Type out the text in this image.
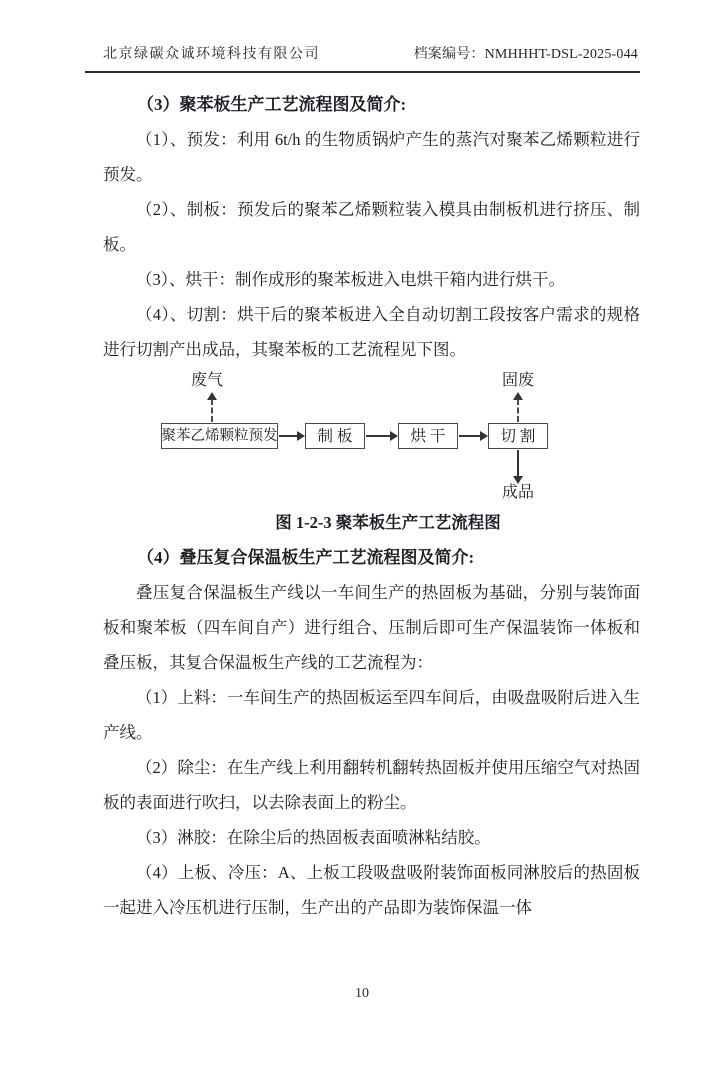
北京绿碳众诚环境科技有限公司	档案编号：NMHHHT-DSL-2025-044

（3）聚苯板生产工艺流程图及简介:

（1）、预发：利用 6t/h 的生物质锅炉产生的蒸汽对聚苯乙烯颗粒进行预发。

（2）、制板：预发后的聚苯乙烯颗粒装入模具由制板机进行挤压、制板。

（3）、烘干：制作成形的聚苯板进入电烘干箱内进行烘干。

（4）、切割：烘干后的聚苯板进入全自动切割工段按客户需求的规格进行切割产出成品，其聚苯板的工艺流程见下图。

废气	固废
聚苯乙烯颗粒预发	制 板	烘 干	切 割
成品

图 1-2-3 聚苯板生产工艺流程图

（4）叠压复合保温板生产工艺流程图及简介:

叠压复合保温板生产线以一车间生产的热固板为基础，分别与装饰面板和聚苯板（四车间自产）进行组合、压制后即可生产保温装饰一体板和叠压板，其复合保温板生产线的工艺流程为：

（1）上料：一车间生产的热固板运至四车间后，由吸盘吸附后进入生产线。

（2）除尘：在生产线上利用翻转机翻转热固板并使用压缩空气对热固板的表面进行吹扫，以去除表面上的粉尘。

（3）淋胶：在除尘后的热固板表面喷淋粘结胶。

（4）上板、冷压：A、上板工段吸盘吸附装饰面板同淋胶后的热固板一起进入冷压机进行压制，生产出的产品即为装饰保温一体

10
